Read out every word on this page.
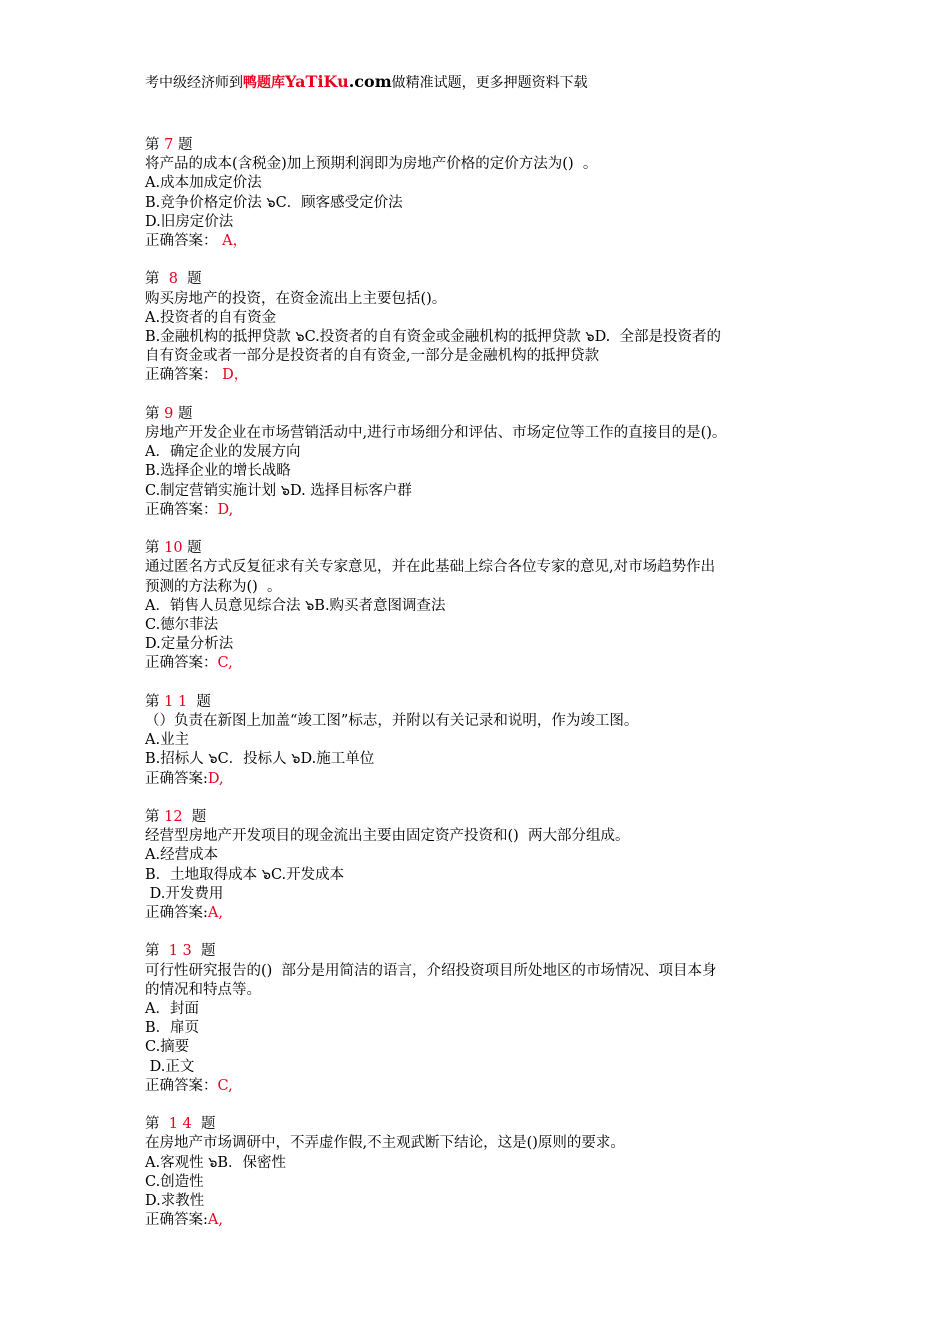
考中级经济师到鸭题库YaTiKu.com做精准试题，更多押题资料下载
第 7 题
将产品的成本(含税金)加上预期利润即为房地产价格的定价方法为()  。
A.成本加成定价法
B.竞争价格定价法 ๖C．顾客感受定价法
D.旧房定价法
正确答案： A，
第  8  题
购买房地产的投资，在资金流出上主要包括()。
A.投资者的自有资金
B.金融机构的抵押贷款 ๖C.投资者的自有资金或金融机构的抵押贷款 ๖D.  全部是投资者的
自有资金或者一部分是投资者的自有资金,一部分是金融机构的抵押贷款
正确答案： D，
第 9 题
房地产开发企业在市场营销活动中,进行市场细分和评估、市场定位等工作的直接目的是()。
A．确定企业的发展方向
B.选择企业的增长战略
C.制定营销实施计划 ๖D. 选择目标客户群
正确答案：D,
第 10 题
通过匿名方式反复征求有关专家意见，并在此基础上综合各位专家的意见,对市场趋势作出
预测的方法称为()  。
A．销售人员意见综合法 ๖B.购买者意图调查法
C.德尔菲法
D.定量分析法
正确答案：C,
第 1 1  题
（）负责在新图上加盖“竣工图”标志，并附以有关记录和说明，作为竣工图。
A.业主
B.招标人 ๖C．投标人 ๖D.施工单位
正确答案:D,
第 12  题
经营型房地产开发项目的现金流出主要由固定资产投资和()  两大部分组成。
A.经营成本
B．土地取得成本 ๖C.开发成本
D.开发费用
正确答案:A,
第  1 3  题
可行性研究报告的()  部分是用简洁的语言，介绍投资项目所处地区的市场情况、项目本身
的情况和特点等。
A．封面
B．扉页
C.摘要
D.正文
正确答案：C,
第  1 4  题
在房地产市场调研中，不弄虚作假,不主观武断下结论，这是()原则的要求。
A.客观性 ๖B．保密性
C.创造性
D.求教性
正确答案:A,
